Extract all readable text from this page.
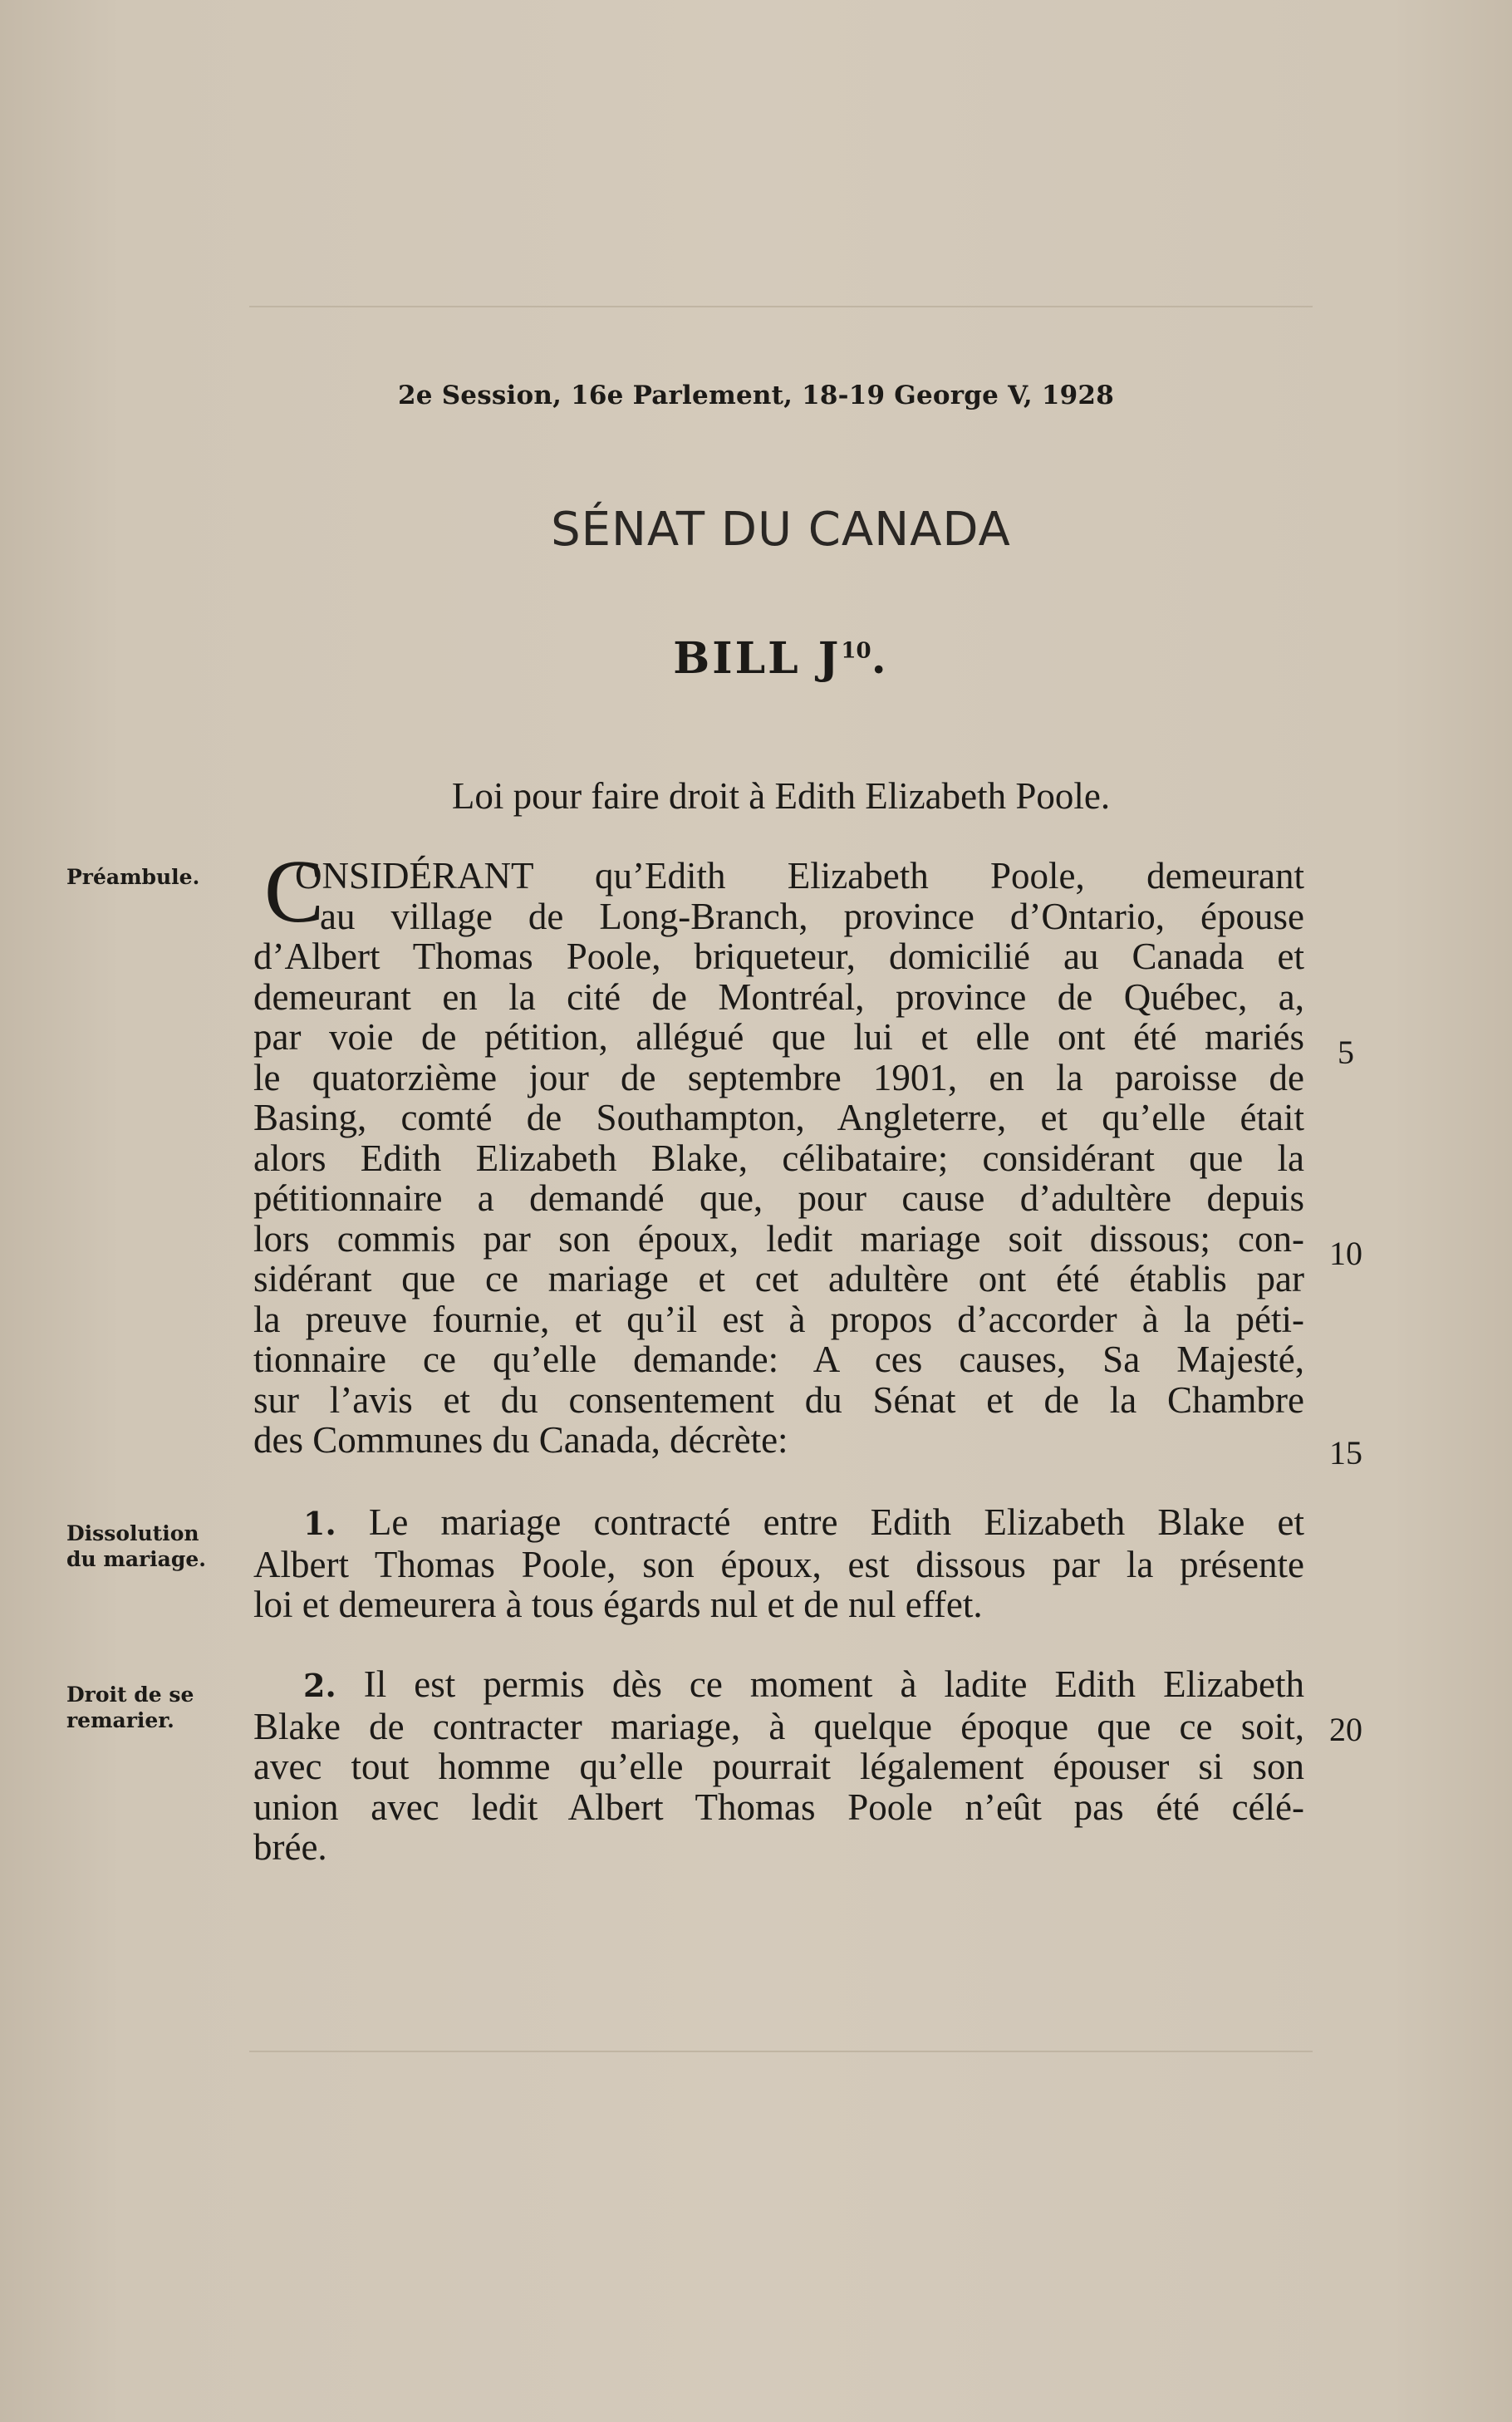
2e Session, 16e Parlement, 18-19 George V, 1928
SÉNAT DU CANADA
BILL $J^{10}$.
Loi pour faire droit à Edith Elizabeth Poole.
Préambule.
Dissolution
du mariage.
Droit de se
remarier.
C
ONSIDÉRANT qu’Edith Elizabeth Poole, demeurant
au village de Long-Branch, province d’Ontario, épouse
d’Albert Thomas Poole, briqueteur, domicilié au Canada et
demeurant en la cité de Montréal, province de Québec, a,
par voie de pétition, allégué que lui et elle ont été mariés
le quatorzième jour de septembre 1901, en la paroisse de
Basing, comté de Southampton, Angleterre, et qu’elle était
alors Edith Elizabeth Blake, célibataire; considérant que la
pétitionnaire a demandé que, pour cause d’adultère depuis
lors commis par son époux, ledit mariage soit dissous; con-
sidérant que ce mariage et cet adultère ont été établis par
la preuve fournie, et qu’il est à propos d’accorder à la péti-
tionnaire ce qu’elle demande: A ces causes, Sa Majesté,
sur l’avis et du consentement du Sénat et de la Chambre
des Communes du Canada, décrète:
1. Le mariage contracté entre Edith Elizabeth Blake et
Albert Thomas Poole, son époux, est dissous par la présente
loi et demeurera à tous égards nul et de nul effet.
2. Il est permis dès ce moment à ladite Edith Elizabeth
Blake de contracter mariage, à quelque époque que ce soit,
avec tout homme qu’elle pourrait légalement épouser si son
union avec ledit Albert Thomas Poole n’eût pas été célé-
brée.
5
10
15
20
